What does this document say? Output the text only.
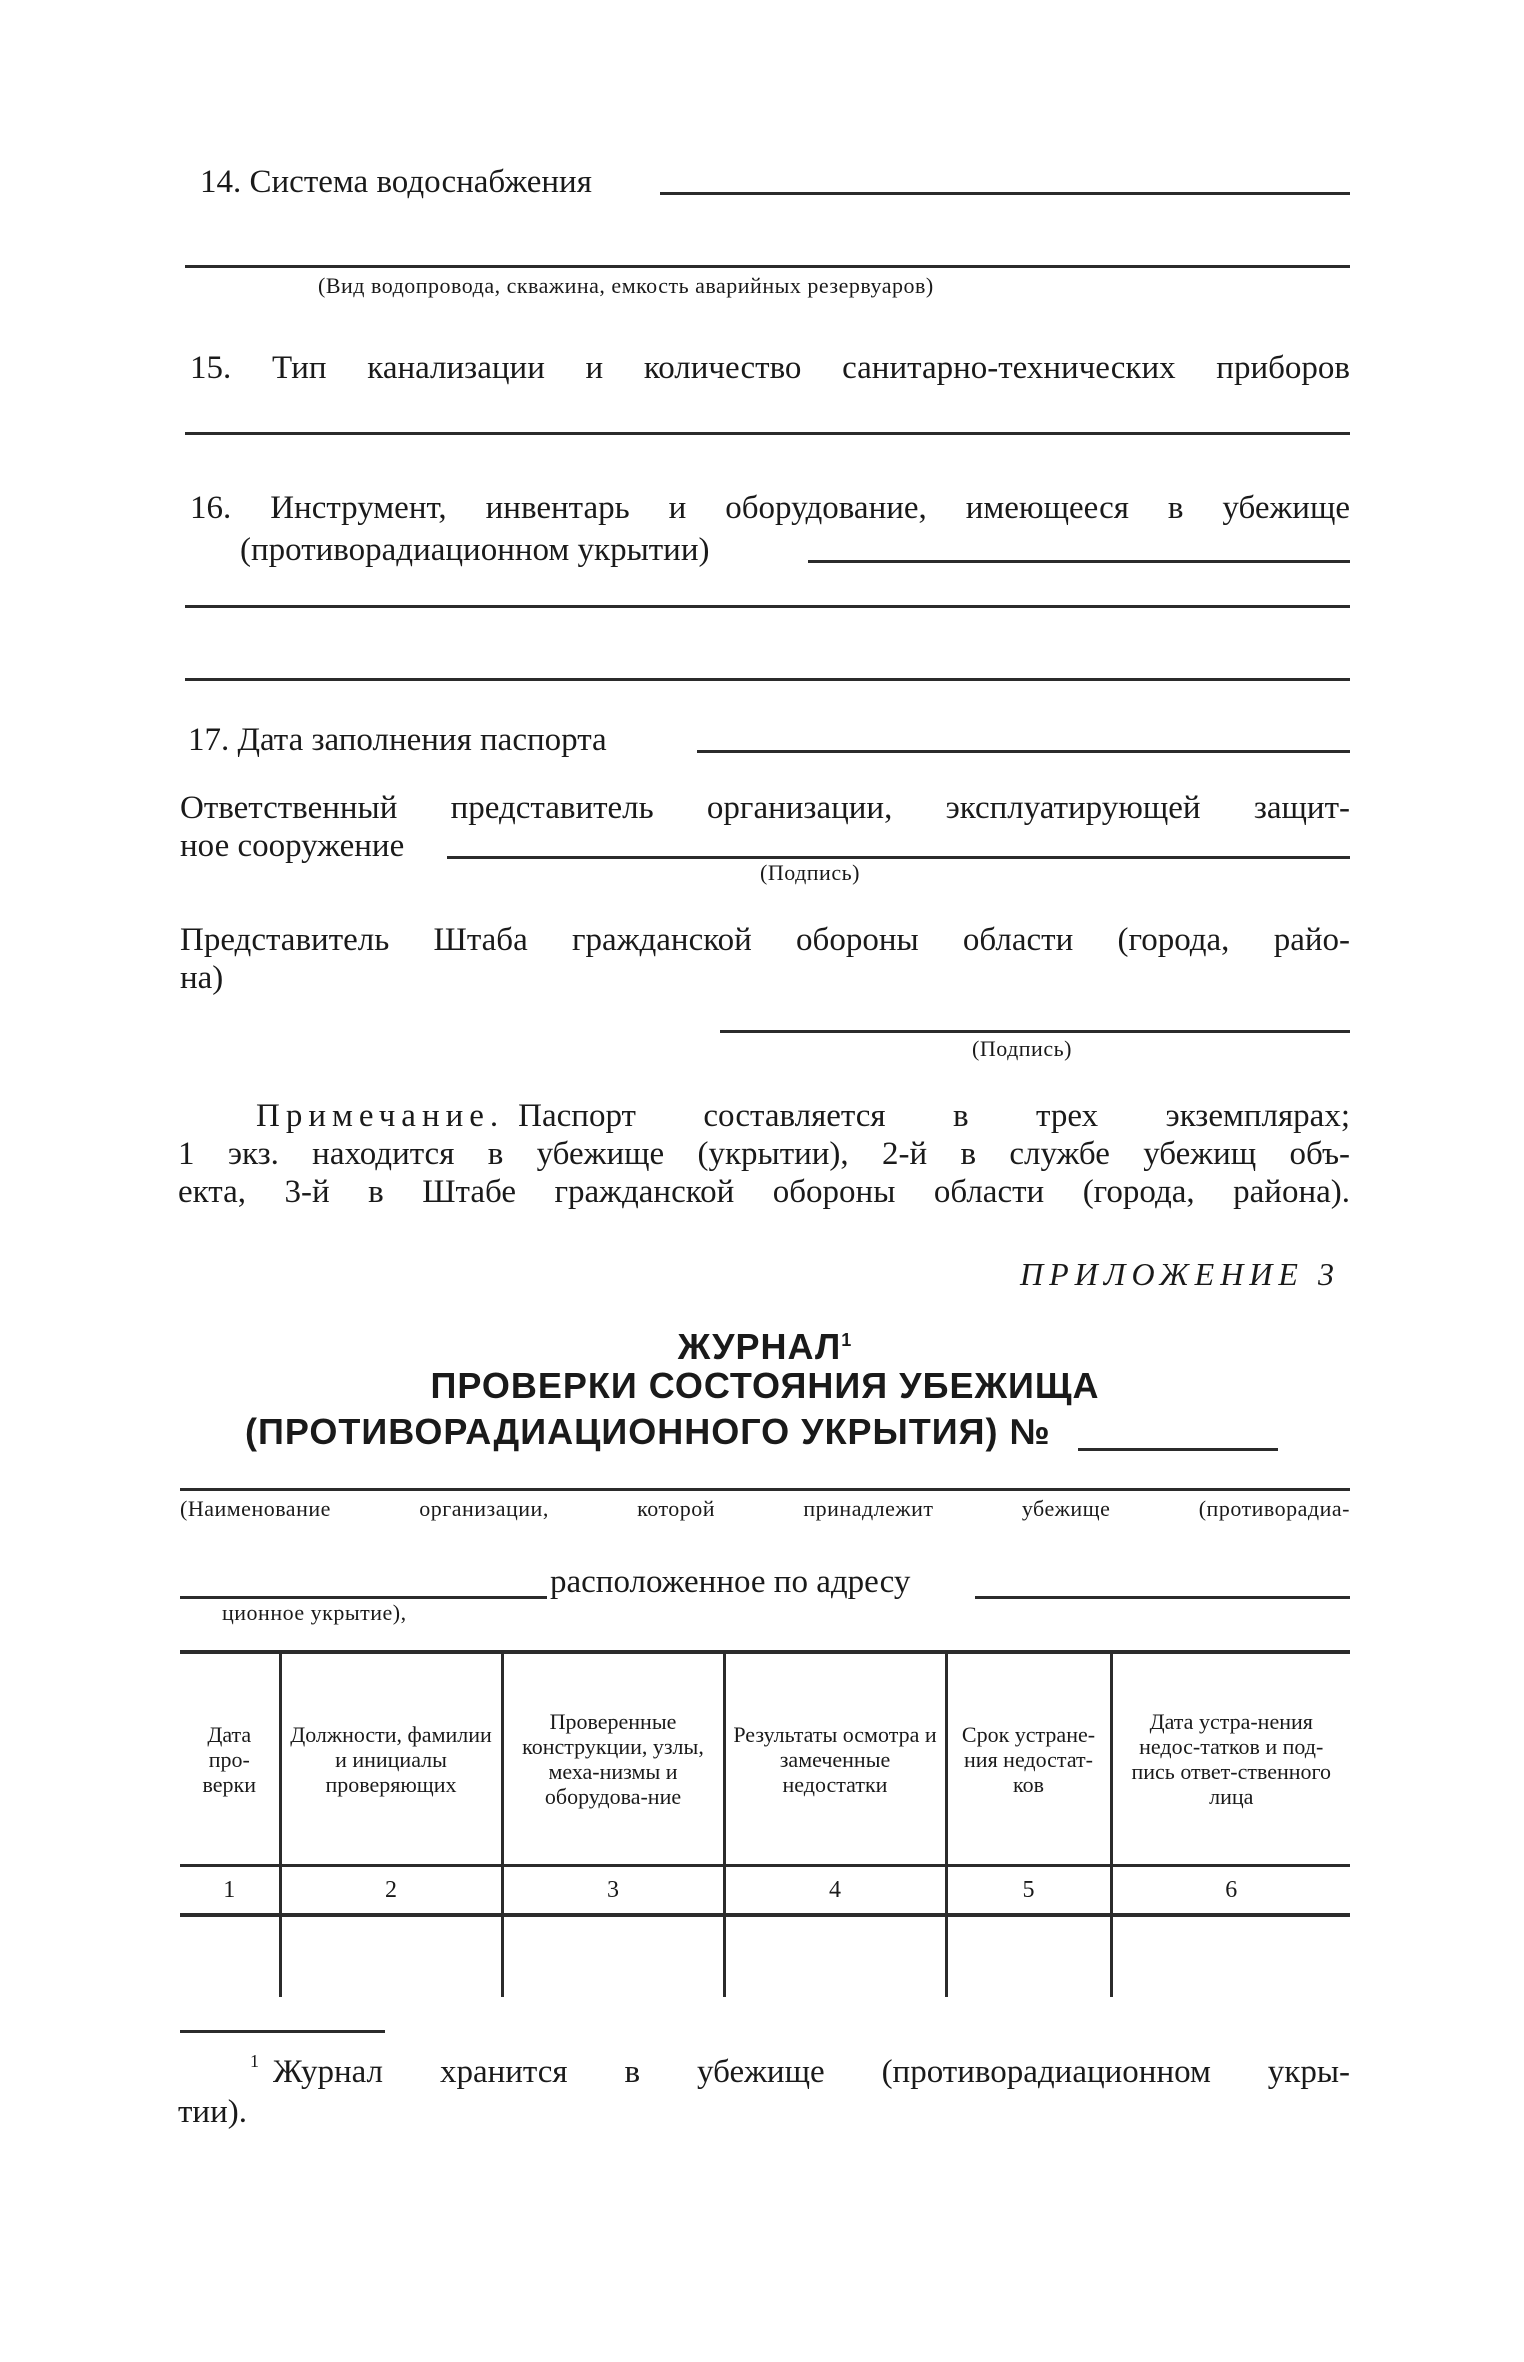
14. Система водоснабжения
(Вид водопровода, скважина, емкость аварийных резервуаров)
15. Тип канализации и количество санитарно-технических приборов
16. Инструмент, инвентарь и оборудование, имеющееся в убежище
(противорадиационном укрытии)
17. Дата заполнения паспорта
Ответственный представитель организации, эксплуатирующей защит-
ное сооружение
(Подпись)
Представитель Штаба гражданской обороны области (города, райо-
на)
(Подпись)
Примечание. Паспорт составляется в трех экземплярах;
1 экз. находится в убежище (укрытии), 2-й в службе убежищ объ-
екта, 3-й в Штабе гражданской обороны области (города, района).
ПРИЛОЖЕНИЕ 3
ЖУРНАЛ$^1$
ПРОВЕРКИ СОСТОЯНИЯ УБЕЖИЩА
(ПРОТИВОРАДИАЦИОННОГО УКРЫТИЯ) №
(Наименование организации, которой принадлежит убежище (противорадиа-
расположенное по адресу
ционное укрытие),
Дата про-верки	Должности, фамилии и инициалы проверяющих	Проверенные конструкции, узлы, меха-низмы и оборудова-ние	Результаты осмотра и замеченные недостатки	Срок устране-ния недостат-ков	Дата устра-нения недос-татков и под-пись ответ-ственного лица
1	2	3	4	5	6

1 Журнал хранится в убежище (противорадиационном укры-
тии).
